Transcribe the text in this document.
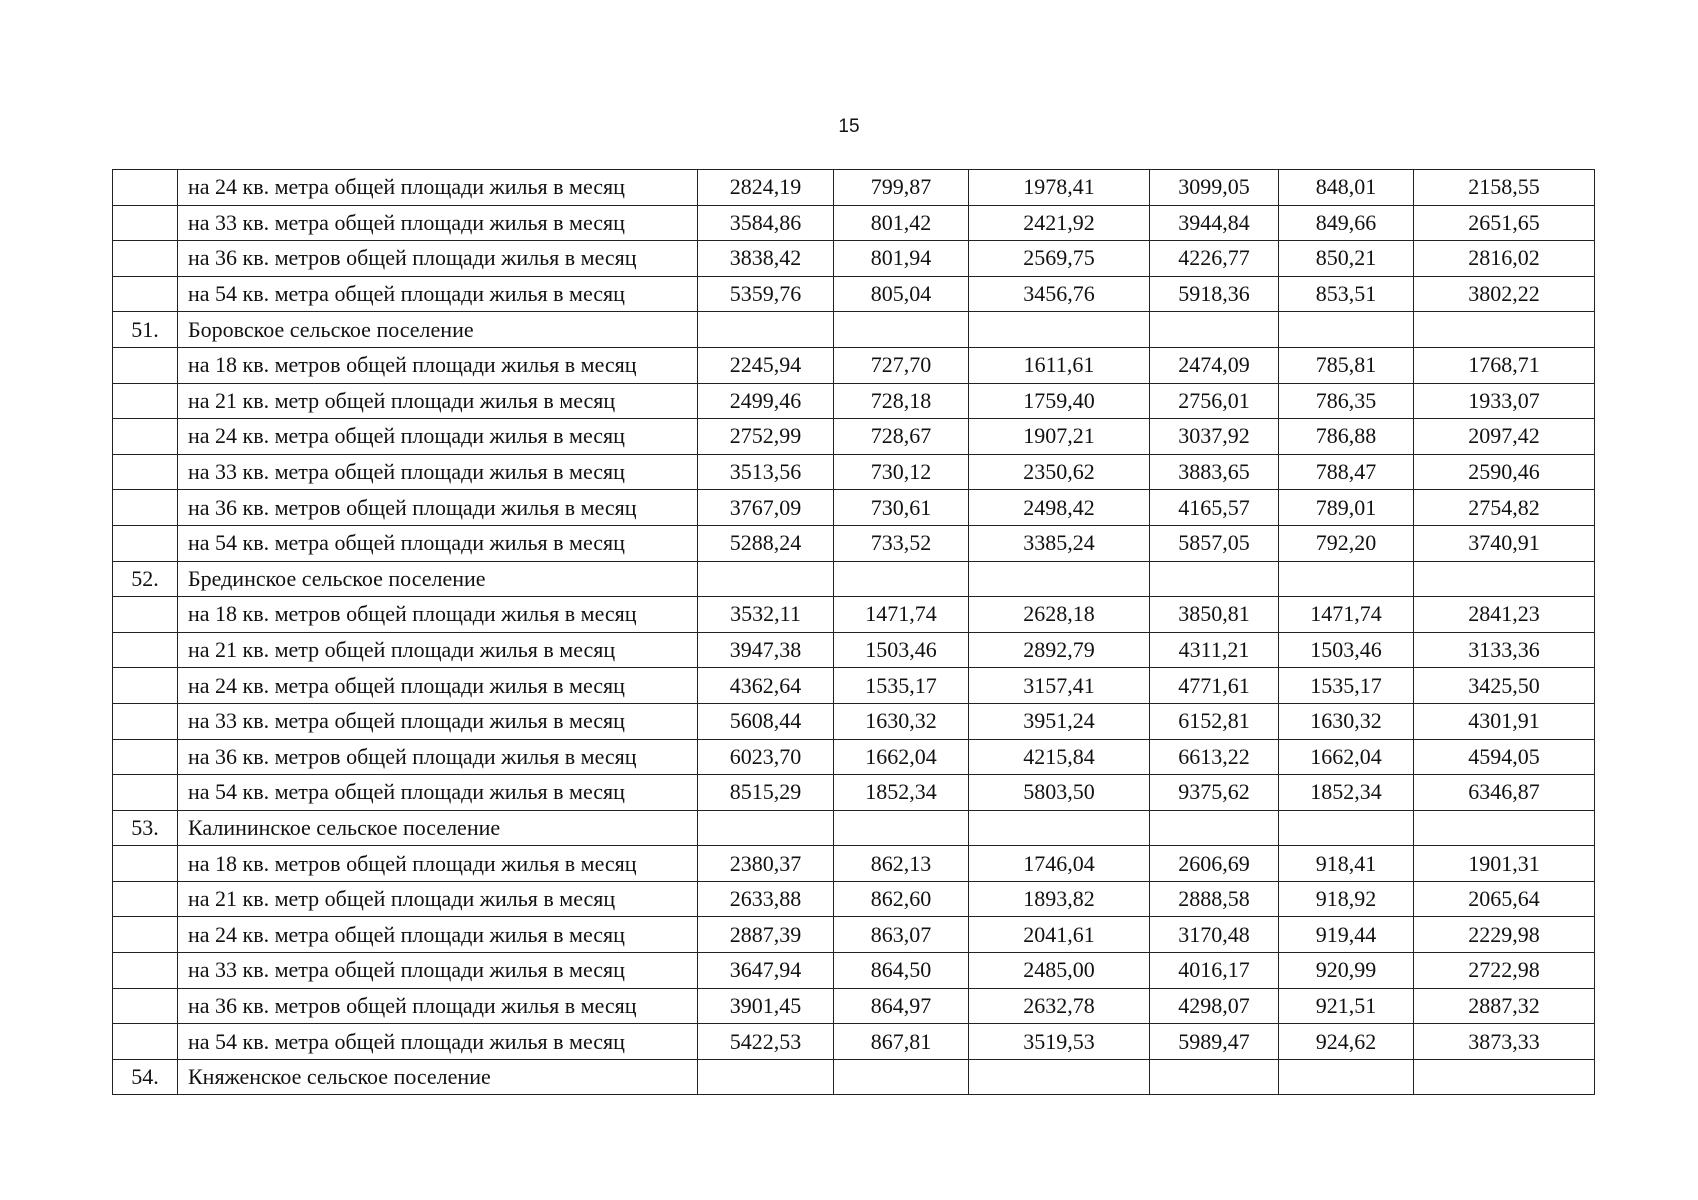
15
	на 24 кв. метра общей площади жилья в месяц	2824,19	799,87	1978,41	3099,05	848,01	2158,55
	на 33 кв. метра общей площади жилья в месяц	3584,86	801,42	2421,92	3944,84	849,66	2651,65
	на 36 кв. метров общей площади жилья в месяц	3838,42	801,94	2569,75	4226,77	850,21	2816,02
	на 54 кв. метра общей площади жилья в месяц	5359,76	805,04	3456,76	5918,36	853,51	3802,22
51.	Боровское сельское поселение						
	на 18 кв. метров общей площади жилья в месяц	2245,94	727,70	1611,61	2474,09	785,81	1768,71
	на 21 кв. метр общей площади жилья в месяц	2499,46	728,18	1759,40	2756,01	786,35	1933,07
	на 24 кв. метра общей площади жилья в месяц	2752,99	728,67	1907,21	3037,92	786,88	2097,42
	на 33 кв. метра общей площади жилья в месяц	3513,56	730,12	2350,62	3883,65	788,47	2590,46
	на 36 кв. метров общей площади жилья в месяц	3767,09	730,61	2498,42	4165,57	789,01	2754,82
	на 54 кв. метра общей площади жилья в месяц	5288,24	733,52	3385,24	5857,05	792,20	3740,91
52.	Брединское сельское поселение						
	на 18 кв. метров общей площади жилья в месяц	3532,11	1471,74	2628,18	3850,81	1471,74	2841,23
	на 21 кв. метр общей площади жилья в месяц	3947,38	1503,46	2892,79	4311,21	1503,46	3133,36
	на 24 кв. метра общей площади жилья в месяц	4362,64	1535,17	3157,41	4771,61	1535,17	3425,50
	на 33 кв. метра общей площади жилья в месяц	5608,44	1630,32	3951,24	6152,81	1630,32	4301,91
	на 36 кв. метров общей площади жилья в месяц	6023,70	1662,04	4215,84	6613,22	1662,04	4594,05
	на 54 кв. метра общей площади жилья в месяц	8515,29	1852,34	5803,50	9375,62	1852,34	6346,87
53.	Калининское сельское поселение						
	на 18 кв. метров общей площади жилья в месяц	2380,37	862,13	1746,04	2606,69	918,41	1901,31
	на 21 кв. метр общей площади жилья в месяц	2633,88	862,60	1893,82	2888,58	918,92	2065,64
	на 24 кв. метра общей площади жилья в месяц	2887,39	863,07	2041,61	3170,48	919,44	2229,98
	на 33 кв. метра общей площади жилья в месяц	3647,94	864,50	2485,00	4016,17	920,99	2722,98
	на 36 кв. метров общей площади жилья в месяц	3901,45	864,97	2632,78	4298,07	921,51	2887,32
	на 54 кв. метра общей площади жилья в месяц	5422,53	867,81	3519,53	5989,47	924,62	3873,33
54.	Княженское сельское поселение						
